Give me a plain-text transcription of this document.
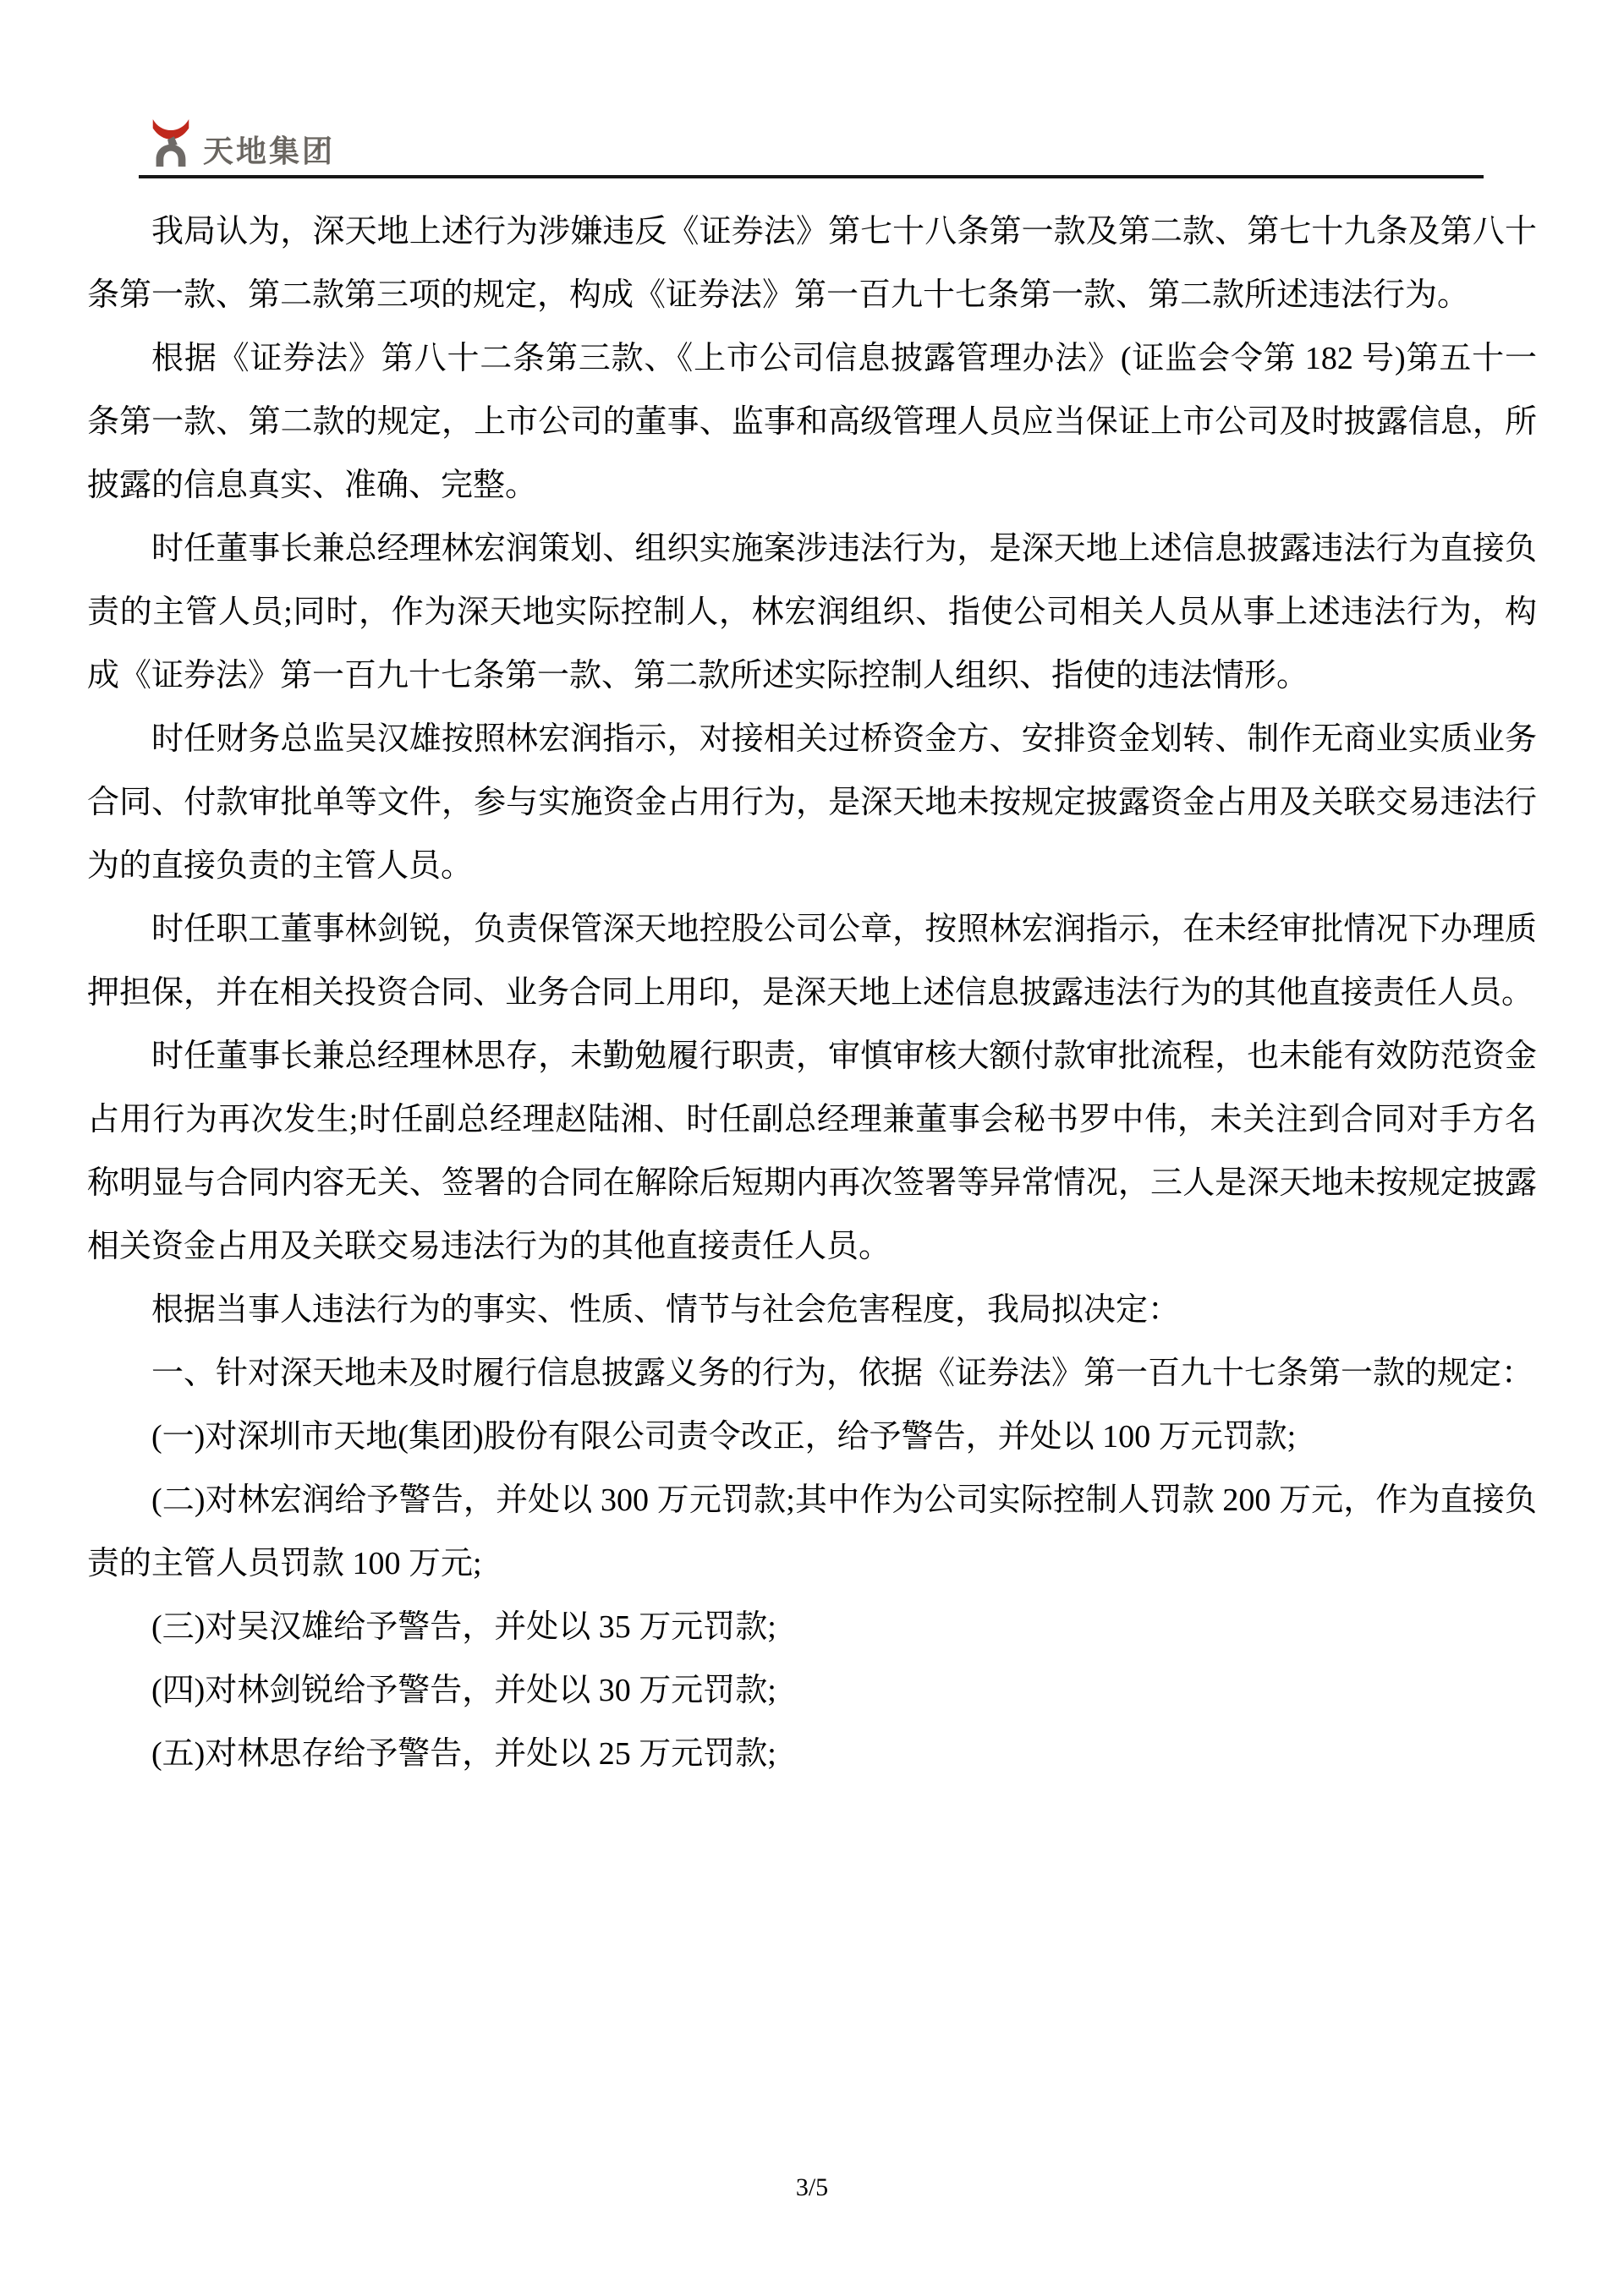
天地集团

我局认为，深天地上述行为涉嫌违反《证券法》第七十八条第一款及第二款、第七十九条及第八十条第一款、第二款第三项的规定，构成《证券法》第一百九十七条第一款、第二款所述违法行为。

根据《证券法》第八十二条第三款、《上市公司信息披露管理办法》(证监会令第 182 号)第五十一条第一款、第二款的规定，上市公司的董事、监事和高级管理人员应当保证上市公司及时披露信息，所披露的信息真实、准确、完整。

时任董事长兼总经理林宏润策划、组织实施案涉违法行为，是深天地上述信息披露违法行为直接负责的主管人员;同时，作为深天地实际控制人，林宏润组织、指使公司相关人员从事上述违法行为，构成《证券法》第一百九十七条第一款、第二款所述实际控制人组织、指使的违法情形。

时任财务总监吴汉雄按照林宏润指示，对接相关过桥资金方、安排资金划转、制作无商业实质业务合同、付款审批单等文件，参与实施资金占用行为，是深天地未按规定披露资金占用及关联交易违法行为的直接负责的主管人员。

时任职工董事林剑锐，负责保管深天地控股公司公章，按照林宏润指示，在未经审批情况下办理质押担保，并在相关投资合同、业务合同上用印，是深天地上述信息披露违法行为的其他直接责任人员。

时任董事长兼总经理林思存，未勤勉履行职责，审慎审核大额付款审批流程，也未能有效防范资金占用行为再次发生;时任副总经理赵陆湘、时任副总经理兼董事会秘书罗中伟，未关注到合同对手方名称明显与合同内容无关、签署的合同在解除后短期内再次签署等异常情况，三人是深天地未按规定披露相关资金占用及关联交易违法行为的其他直接责任人员。

根据当事人违法行为的事实、性质、情节与社会危害程度，我局拟决定：

一、针对深天地未及时履行信息披露义务的行为，依据《证券法》第一百九十七条第一款的规定：

(一)对深圳市天地(集团)股份有限公司责令改正，给予警告，并处以 100 万元罚款;

(二)对林宏润给予警告，并处以 300 万元罚款;其中作为公司实际控制人罚款 200 万元，作为直接负责的主管人员罚款 100 万元;

(三)对吴汉雄给予警告，并处以 35 万元罚款;

(四)对林剑锐给予警告，并处以 30 万元罚款;

(五)对林思存给予警告，并处以 25 万元罚款;

3/5
